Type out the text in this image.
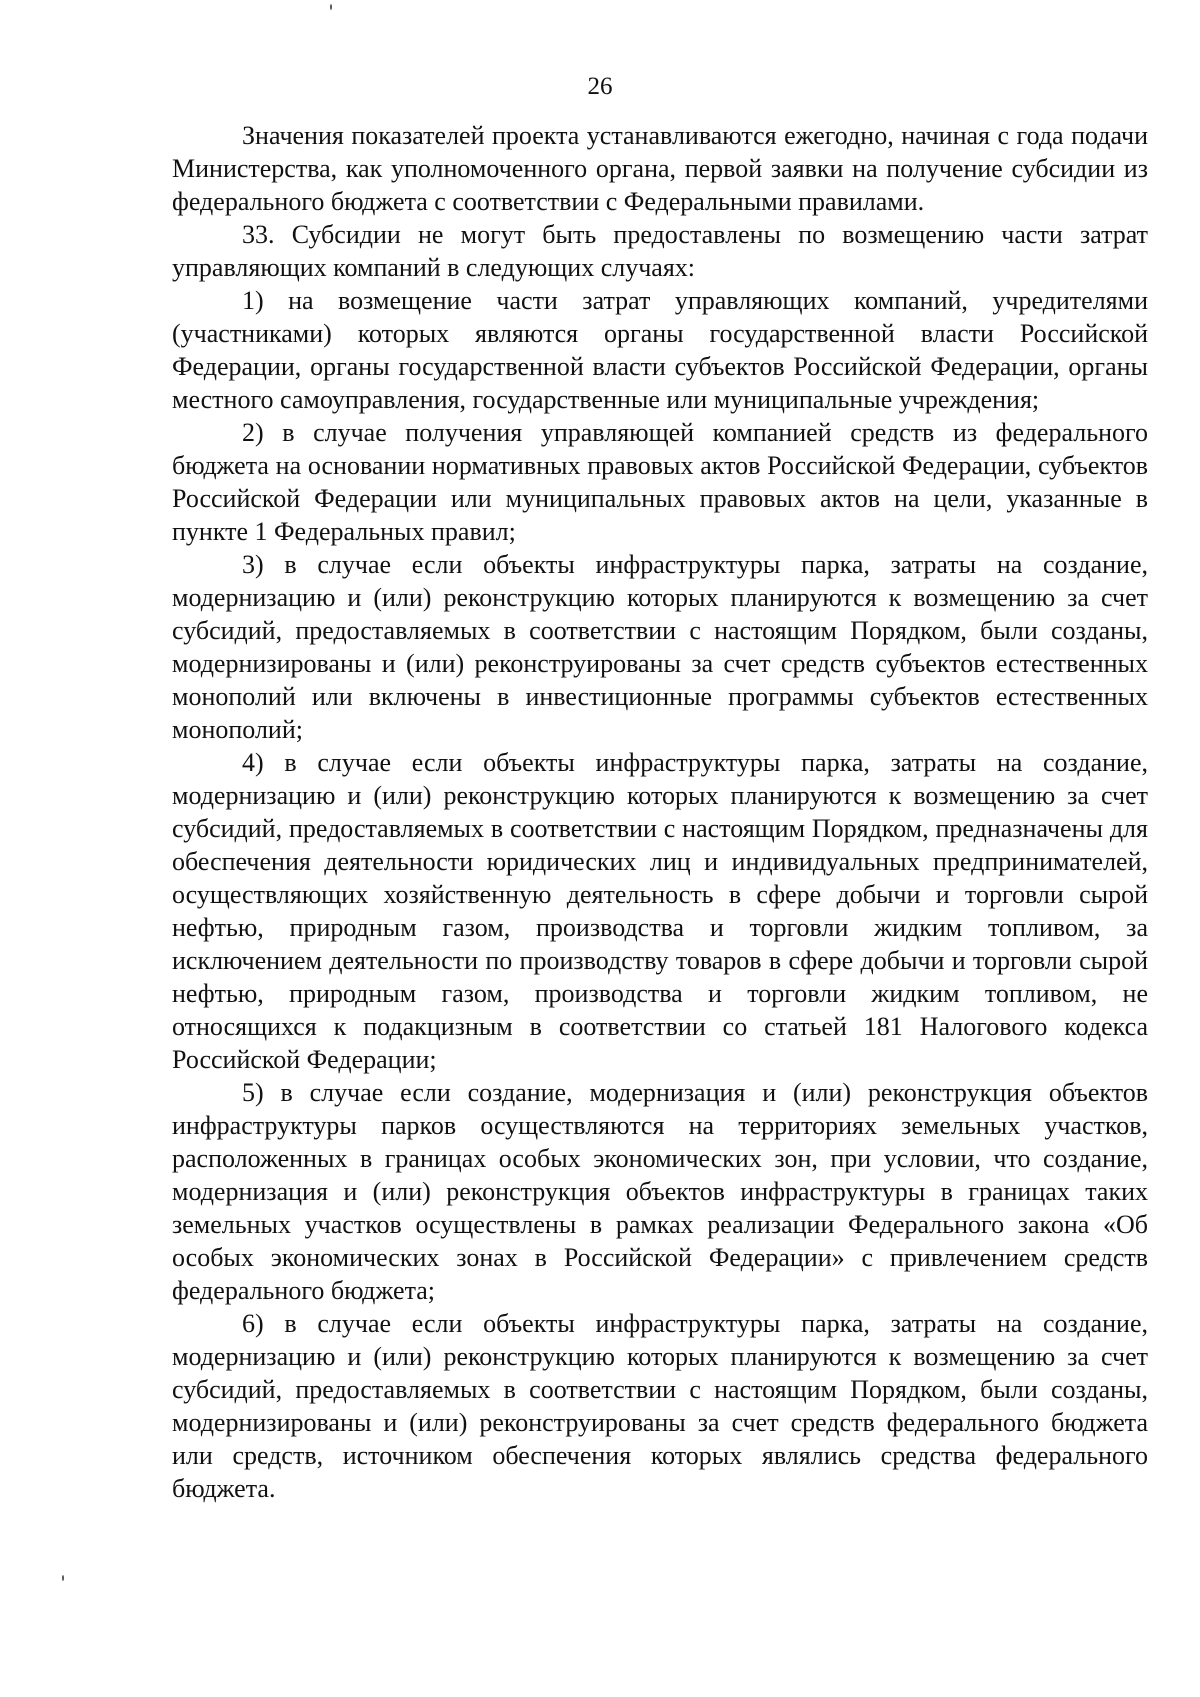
26

Значения показателей проекта устанавливаются ежегодно, начиная с года подачи Министерства, как уполномоченного органа, первой заявки на получение субсидии из федерального бюджета с соответствии с Федеральными правилами.

33. Субсидии не могут быть предоставлены по возмещению части затрат управляющих компаний в следующих случаях:

1) на возмещение части затрат управляющих компаний, учредителями (участниками) которых являются органы государственной власти Российской Федерации, органы государственной власти субъектов Российской Федерации, органы местного самоуправления, государственные или муниципальные учреждения;

2) в случае получения управляющей компанией средств из федерального бюджета на основании нормативных правовых актов Российской Федерации, субъектов Российской Федерации или муниципальных правовых актов на цели, указанные в пункте 1 Федеральных правил;

3) в случае если объекты инфраструктуры парка, затраты на создание, модернизацию и (или) реконструкцию которых планируются к возмещению за счет субсидий, предоставляемых в соответствии с настоящим Порядком, были созданы, модернизированы и (или) реконструированы за счет средств субъектов естественных монополий или включены в инвестиционные программы субъектов естественных монополий;

4) в случае если объекты инфраструктуры парка, затраты на создание, модернизацию и (или) реконструкцию которых планируются к возмещению за счет субсидий, предоставляемых в соответствии с настоящим Порядком, предназначены для обеспечения деятельности юридических лиц и индивидуальных предпринимателей, осуществляющих хозяйственную деятельность в сфере добычи и торговли сырой нефтью, природным газом, производства и торговли жидким топливом, за исключением деятельности по производству товаров в сфере добычи и торговли сырой нефтью, природным газом, производства и торговли жидким топливом, не относящихся к подакцизным в соответствии со статьей 181 Налогового кодекса Российской Федерации;

5) в случае если создание, модернизация и (или) реконструкция объектов инфраструктуры парков осуществляются на территориях земельных участков, расположенных в границах особых экономических зон, при условии, что создание, модернизация и (или) реконструкция объектов инфраструктуры в границах таких земельных участков осуществлены в рамках реализации Федерального закона «Об особых экономических зонах в Российской Федерации» с привлечением средств федерального бюджета;

6) в случае если объекты инфраструктуры парка, затраты на создание, модернизацию и (или) реконструкцию которых планируются к возмещению за счет субсидий, предоставляемых в соответствии с настоящим Порядком, были созданы, модернизированы и (или) реконструированы за счет средств федерального бюджета или средств, источником обеспечения которых являлись средства федерального бюджета.
